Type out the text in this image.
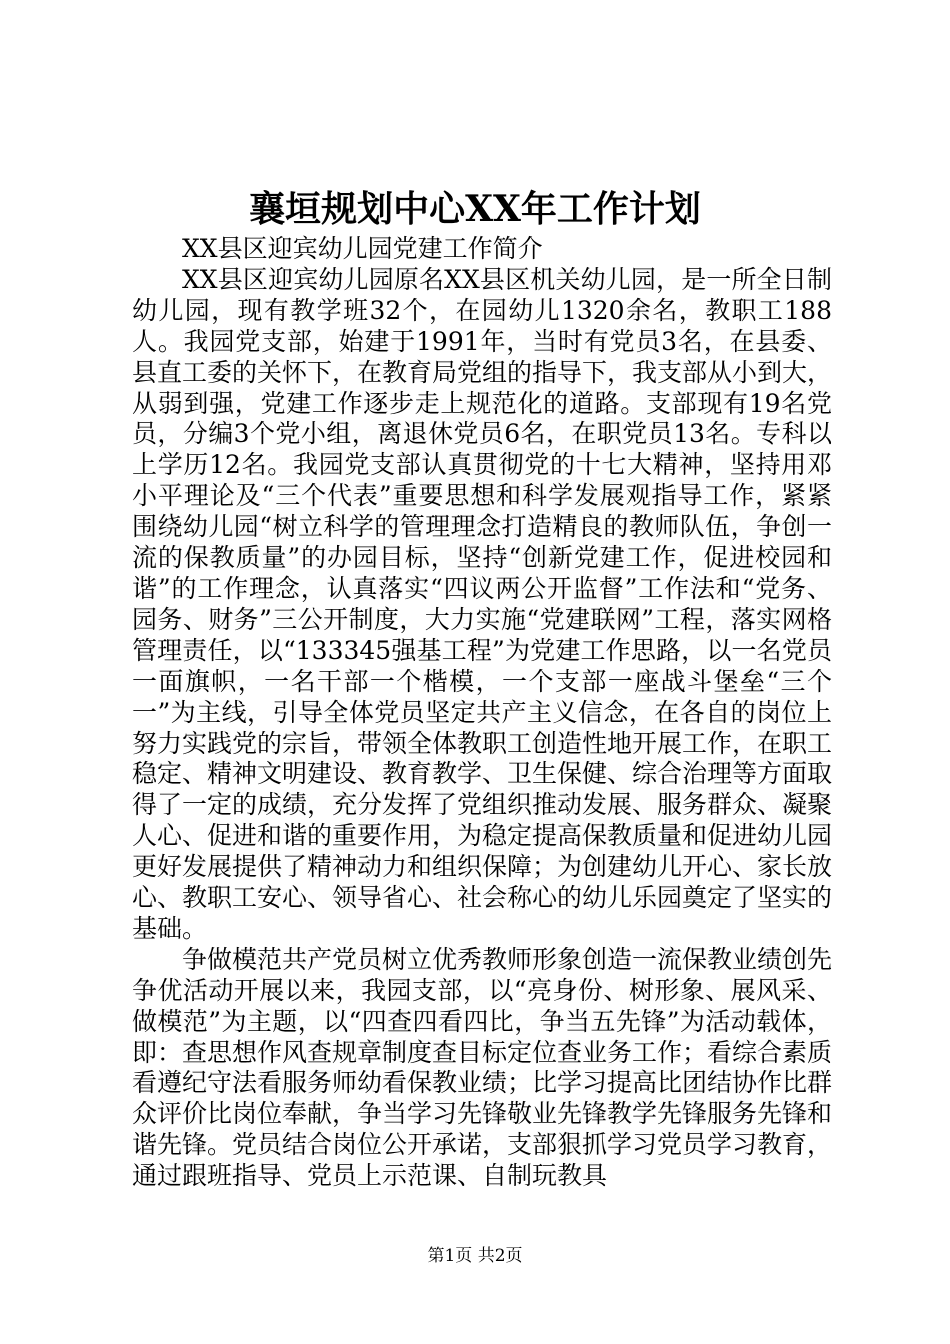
襄垣规划中心XX年工作计划

XX县区迎宾幼儿园党建工作简介

XX县区迎宾幼儿园原名XX县区机关幼儿园，是一所全日制幼儿园，现有教学班32个，在园幼儿1320余名，教职工188人。我园党支部，始建于1991年，当时有党员3名，在县委、县直工委的关怀下，在教育局党组的指导下，我支部从小到大，从弱到强，党建工作逐步走上规范化的道路。支部现有19名党员，分编3个党小组，离退休党员6名，在职党员13名。专科以上学历12名。我园党支部认真贯彻党的十七大精神，坚持用邓小平理论及“三个代表”重要思想和科学发展观指导工作，紧紧围绕幼儿园“树立科学的管理理念打造精良的教师队伍，争创一流的保教质量”的办园目标，坚持“创新党建工作，促进校园和谐”的工作理念，认真落实“四议两公开监督”工作法和“党务、园务、财务”三公开制度，大力实施“党建联网”工程，落实网格管理责任，以“133345强基工程”为党建工作思路，以一名党员一面旗帜，一名干部一个楷模，一个支部一座战斗堡垒“三个一”为主线，引导全体党员坚定共产主义信念，在各自的岗位上努力实践党的宗旨，带领全体教职工创造性地开展工作，在职工稳定、精神文明建设、教育教学、卫生保健、综合治理等方面取得了一定的成绩，充分发挥了党组织推动发展、服务群众、凝聚人心、促进和谐的重要作用，为稳定提高保教质量和促进幼儿园更好发展提供了精神动力和组织保障；为创建幼儿开心、家长放心、教职工安心、领导省心、社会称心的幼儿乐园奠定了坚实的基础。

争做模范共产党员树立优秀教师形象创造一流保教业绩创先争优活动开展以来，我园支部，以“亮身份、树形象、展风采、做模范”为主题，以“四查四看四比，争当五先锋”为活动载体，即：查思想作风查规章制度查目标定位查业务工作；看综合素质看遵纪守法看服务师幼看保教业绩；比学习提高比团结协作比群众评价比岗位奉献，争当学习先锋敬业先锋教学先锋服务先锋和谐先锋。党员结合岗位公开承诺，支部狠抓学习党员学习教育，通过跟班指导、党员上示范课、自制玩教具

第1页 共2页
